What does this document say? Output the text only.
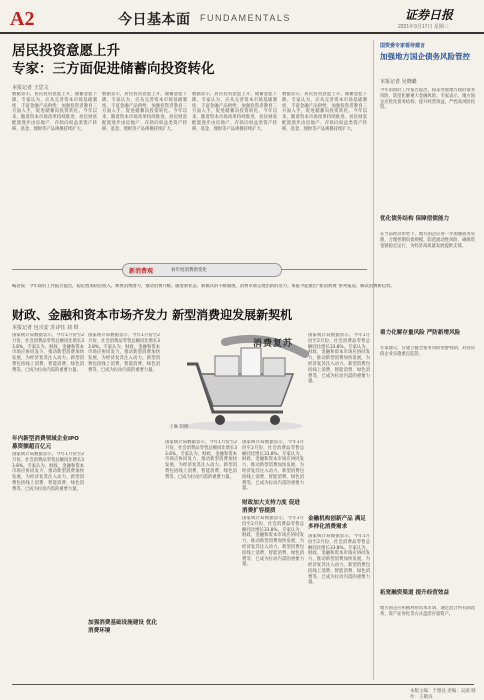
A2	今日基本面 FUNDAMENTALS	证券日报
2021年3月17日 星期三
居民投资意愿上升
专家：三方面促进储蓄向投资转化
本报记者 王思文
数据显示，居民投资意愿上升，储蓄意愿下降。专家认为，应从完善资本市场基础制度、丰富金融产品供给、加强投资者教育三方面入手，促进储蓄向投资转化。今年以来，随着资本市场改革持续推进，居民财富配置逐步由房地产、存款向权益类资产转移，基金、理财等产品规模持续扩大。
数据显示，居民投资意愿上升，储蓄意愿下降。专家认为，应从完善资本市场基础制度、丰富金融产品供给、加强投资者教育三方面入手，促进储蓄向投资转化。今年以来，随着资本市场改革持续推进，居民财富配置逐步由房地产、存款向权益类资产转移，基金、理财等产品规模持续扩大。
数据显示，居民投资意愿上升，储蓄意愿下降。专家认为，应从完善资本市场基础制度、丰富金融产品供给、加强投资者教育三方面入手，促进储蓄向投资转化。今年以来，随着资本市场改革持续推进，居民财富配置逐步由房地产、存款向权益类资产转移，基金、理财等产品规模持续扩大。
数据显示，居民投资意愿上升，储蓄意愿下降。专家认为，应从完善资本市场基础制度、丰富金融产品供给、加强投资者教育三方面入手，促进储蓄向投资转化。今年以来，随着资本市场改革持续推进，居民财富配置逐步由房地产、存款向权益类资产转移，基金、理财等产品规模持续扩大。
国资委专家看待建言
加强地方国企债务风险管控
本报记者 吴晓璐
今年的政府工作报告提出，稳妥处置地方政府债务风险，防范化解重大金融风险。专家表示，地方国企应优化债务结构，提升经营效益，严控高风险投资。
优化债务结构 保障偿债能力
在当前经济形势下，地方国企应进一步加强债务管理，合理控制负债规模，防范流动性风险，确保资金链稳定运行，为经济高质量发展提供支撑。
着力化解存量风险 严防新增风险
专家建议，应建立健全债务风险预警机制，对高负债企业实施重点监管。
拓宽融资渠道 提升经营效益
地方国企应积极利用资本市场，通过混合所有制改革、资产证券化等方式盘活存量资产。
新消费观	看年度消费新变化
编者按：今年政府工作报告提出，稳定增加居民收入，释放消费潜力，推动消费升级。随着新业态、新模式的不断涌现，消费市场呈现出新的活力。本报今起推出“新消费观”系列报道，解读消费新趋势。
财政、金融和资本市场齐发力 新型消费迎发展新契机
本报记者 包兴安 苏诗钰 刘 琪
国家统计局数据显示，今年1月份至2月份，社会消费品零售总额同比增长33.8%。专家认为，财政、金融和资本市场应协同发力，推动新型消费加快发展，为经济复苏注入动力。新型消费包括线上消费、智能消费、绿色消费等，已成为拉动内需的重要力量。
年内新型消费领域企业IPO募资额超百亿元
国家统计局数据显示，今年1月份至2月份，社会消费品零售总额同比增长33.8%。专家认为，财政、金融和资本市场应协同发力，推动新型消费加快发展，为经济复苏注入动力。新型消费包括线上消费、智能消费、绿色消费等，已成为拉动内需的重要力量。
国家统计局数据显示，今年1月份至2月份，社会消费品零售总额同比增长33.8%。专家认为，财政、金融和资本市场应协同发力，推动新型消费加快发展，为经济复苏注入动力。新型消费包括线上消费、智能消费、绿色消费等，已成为拉动内需的重要力量。
消费复苏
王琳 制图
国家统计局数据显示，今年1月份至2月份，社会消费品零售总额同比增长33.8%。专家认为，财政、金融和资本市场应协同发力，推动新型消费加快发展，为经济复苏注入动力。新型消费包括线上消费、智能消费、绿色消费等，已成为拉动内需的重要力量。
财政加大支持力度 促进消费扩容提质
国家统计局数据显示，今年1月份至2月份，社会消费品零售总额同比增长33.8%。专家认为，财政、金融和资本市场应协同发力，推动新型消费加快发展，为经济复苏注入动力。新型消费包括线上消费、智能消费、绿色消费等，已成为拉动内需的重要力量。
国家统计局数据显示，今年1月份至2月份，社会消费品零售总额同比增长33.8%。专家认为，财政、金融和资本市场应协同发力，推动新型消费加快发展，为经济复苏注入动力。新型消费包括线上消费、智能消费、绿色消费等，已成为拉动内需的重要力量。
国家统计局数据显示，今年1月份至2月份，社会消费品零售总额同比增长33.8%。专家认为，财政、金融和资本市场应协同发力，推动新型消费加快发展，为经济复苏注入动力。新型消费包括线上消费、智能消费、绿色消费等，已成为拉动内需的重要力量。
金融机构创新产品 满足多样化消费需求
国家统计局数据显示，今年1月份至2月份，社会消费品零售总额同比增长33.8%。专家认为，财政、金融和资本市场应协同发力，推动新型消费加快发展，为经济复苏注入动力。新型消费包括线上消费、智能消费、绿色消费等，已成为拉动内需的重要力量。
加强消费基础设施建设 优化消费环境
本版主编：于德良 责编：吴澍 制作：王敬涛
